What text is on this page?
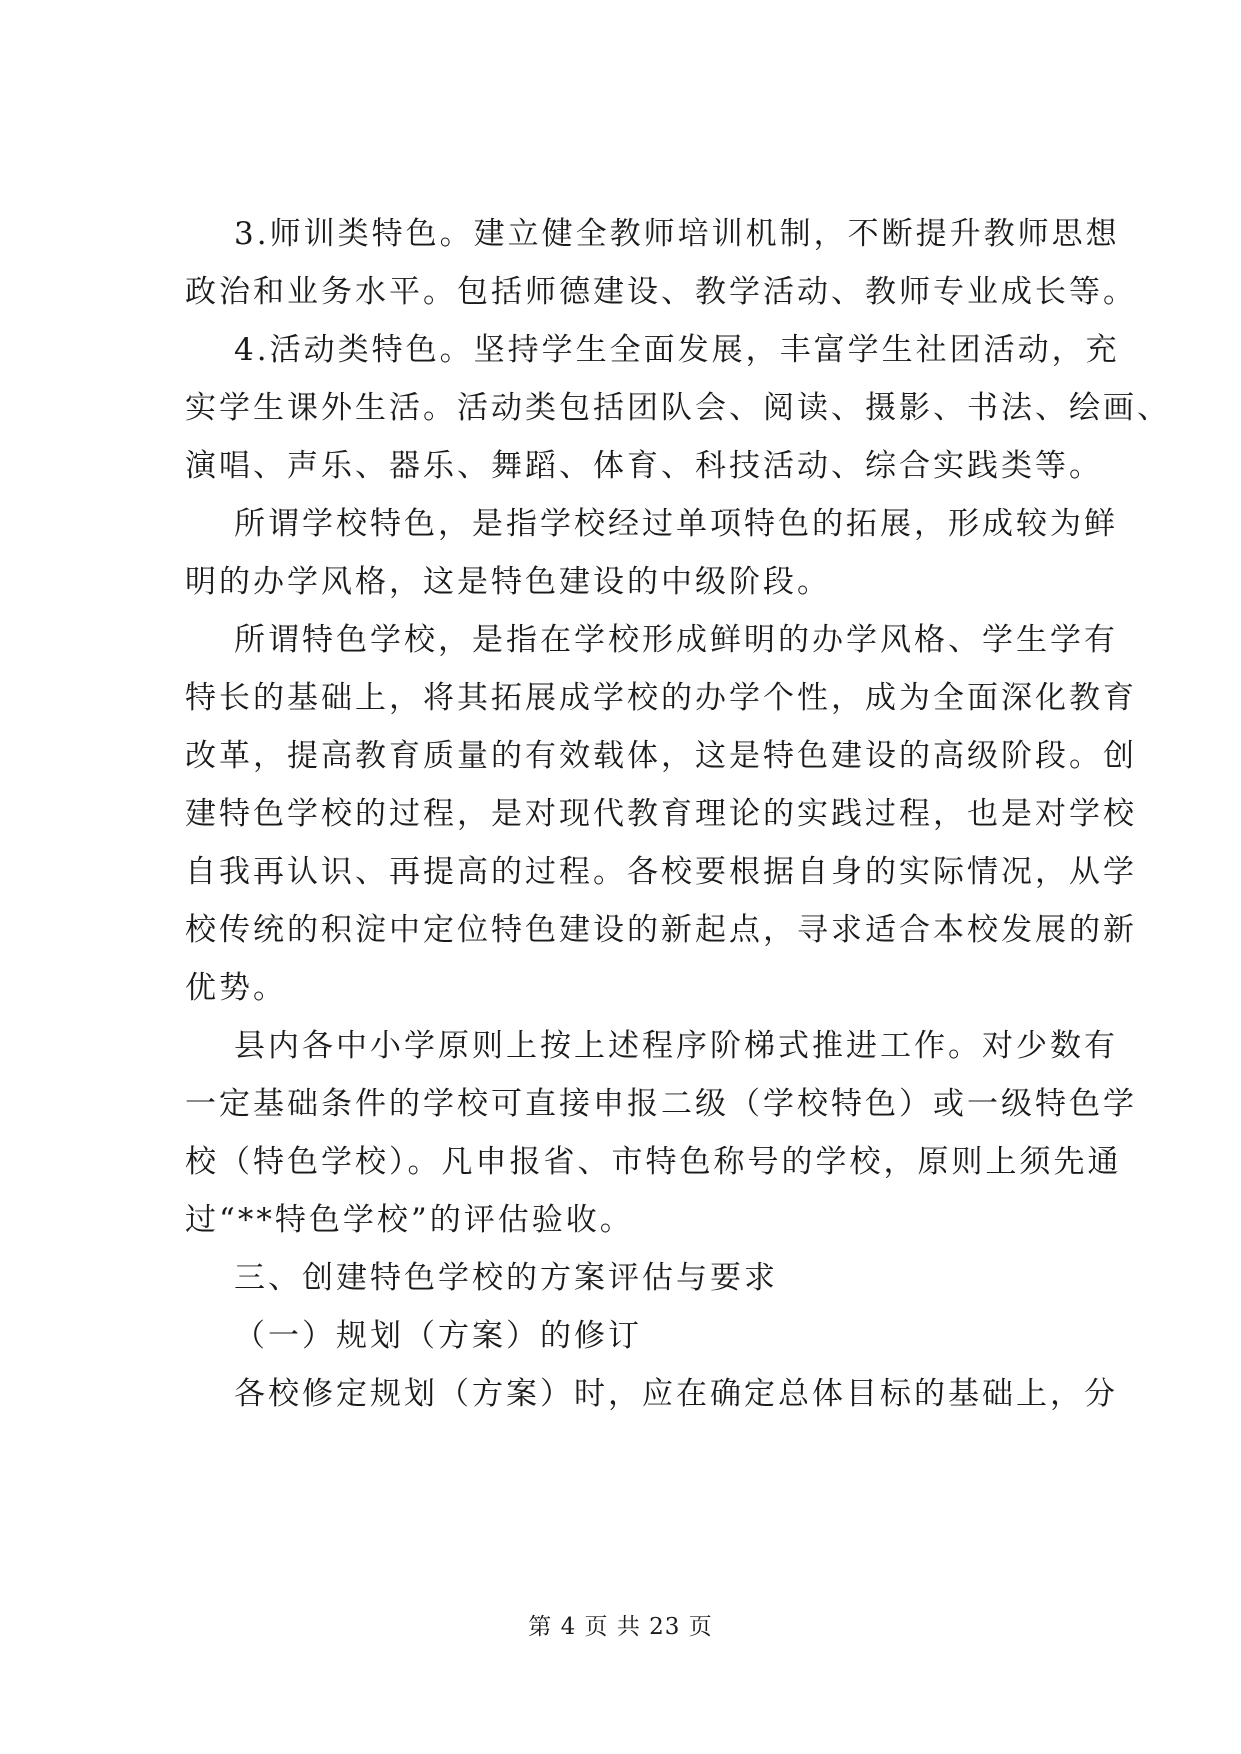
3.师训类特色。建立健全教师培训机制，不断提升教师思想
政治和业务水平。包括师德建设、教学活动、教师专业成长等。
4.活动类特色。坚持学生全面发展，丰富学生社团活动，充
实学生课外生活。活动类包括团队会、阅读、摄影、书法、绘画、
演唱、声乐、器乐、舞蹈、体育、科技活动、综合实践类等。
所谓学校特色，是指学校经过单项特色的拓展，形成较为鲜
明的办学风格，这是特色建设的中级阶段。
所谓特色学校，是指在学校形成鲜明的办学风格、学生学有
特长的基础上，将其拓展成学校的办学个性，成为全面深化教育
改革，提高教育质量的有效载体，这是特色建设的高级阶段。创
建特色学校的过程，是对现代教育理论的实践过程，也是对学校
自我再认识、再提高的过程。各校要根据自身的实际情况，从学
校传统的积淀中定位特色建设的新起点，寻求适合本校发展的新
优势。
县内各中小学原则上按上述程序阶梯式推进工作。对少数有
一定基础条件的学校可直接申报二级（学校特色）或一级特色学
校（特色学校）。凡申报省、市特色称号的学校，原则上须先通
过“**特色学校”的评估验收。
三、创建特色学校的方案评估与要求
（一）规划（方案）的修订
各校修定规划（方案）时，应在确定总体目标的基础上，分
第 4 页 共 23 页
